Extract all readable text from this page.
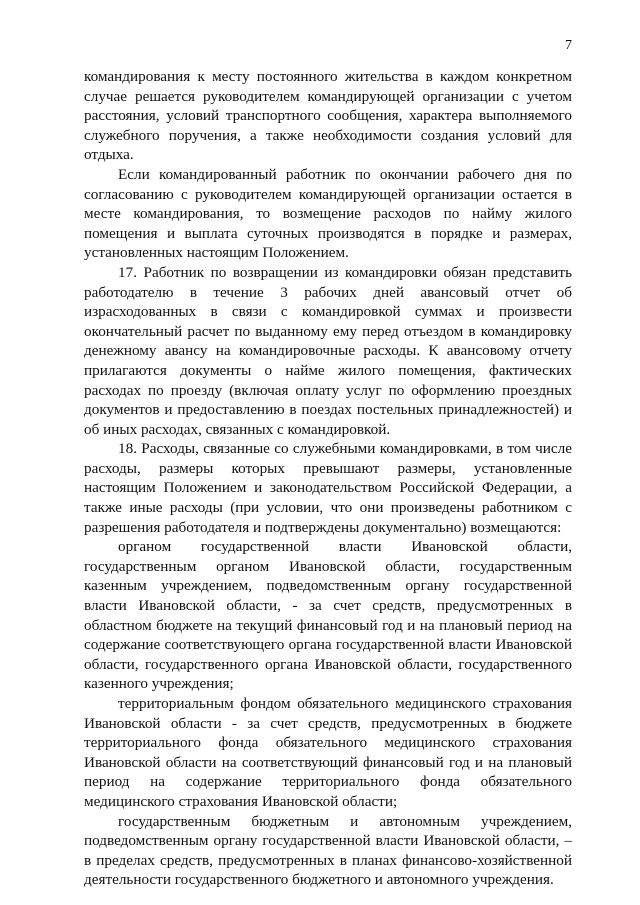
7

командирования к месту постоянного жительства в каждом конкретном случае решается руководителем командирующей организации с учетом расстояния, условий транспортного сообщения, характера выполняемого служебного поручения, а также необходимости создания условий для отдыха.

Если командированный работник по окончании рабочего дня по согласованию с руководителем командирующей организации остается в месте командирования, то возмещение расходов по найму жилого помещения и выплата суточных производятся в порядке и размерах, установленных настоящим Положением.

17. Работник по возвращении из командировки обязан представить работодателю в течение 3 рабочих дней авансовый отчет об израсходованных в связи с командировкой суммах и произвести окончательный расчет по выданному ему перед отъездом в командировку денежному авансу на командировочные расходы. К авансовому отчету прилагаются документы о найме жилого помещения, фактических расходах по проезду (включая оплату услуг по оформлению проездных документов и предоставлению в поездах постельных принадлежностей) и об иных расходах, связанных с командировкой.

18. Расходы, связанные со служебными командировками, в том числе расходы, размеры которых превышают размеры, установленные настоящим Положением и законодательством Российской Федерации, а также иные расходы (при условии, что они произведены работником с разрешения работодателя и подтверждены документально) возмещаются:

органом государственной власти Ивановской области, государственным органом Ивановской области, государственным казенным учреждением, подведомственным органу государственной власти Ивановской области, - за счет средств, предусмотренных в областном бюджете на текущий финансовый год и на плановый период на содержание соответствующего органа государственной власти Ивановской области, государственного органа Ивановской области, государственного казенного учреждения;

территориальным фондом обязательного медицинского страхования Ивановской области - за счет средств, предусмотренных в бюджете территориального фонда обязательного медицинского страхования Ивановской области на соответствующий финансовый год и на плановый период на содержание территориального фонда обязательного медицинского страхования Ивановской области;

государственным бюджетным и автономным учреждением, подведомственным органу государственной власти Ивановской области, – в пределах средств, предусмотренных в планах финансово-хозяйственной деятельности государственного бюджетного и автономного учреждения.
